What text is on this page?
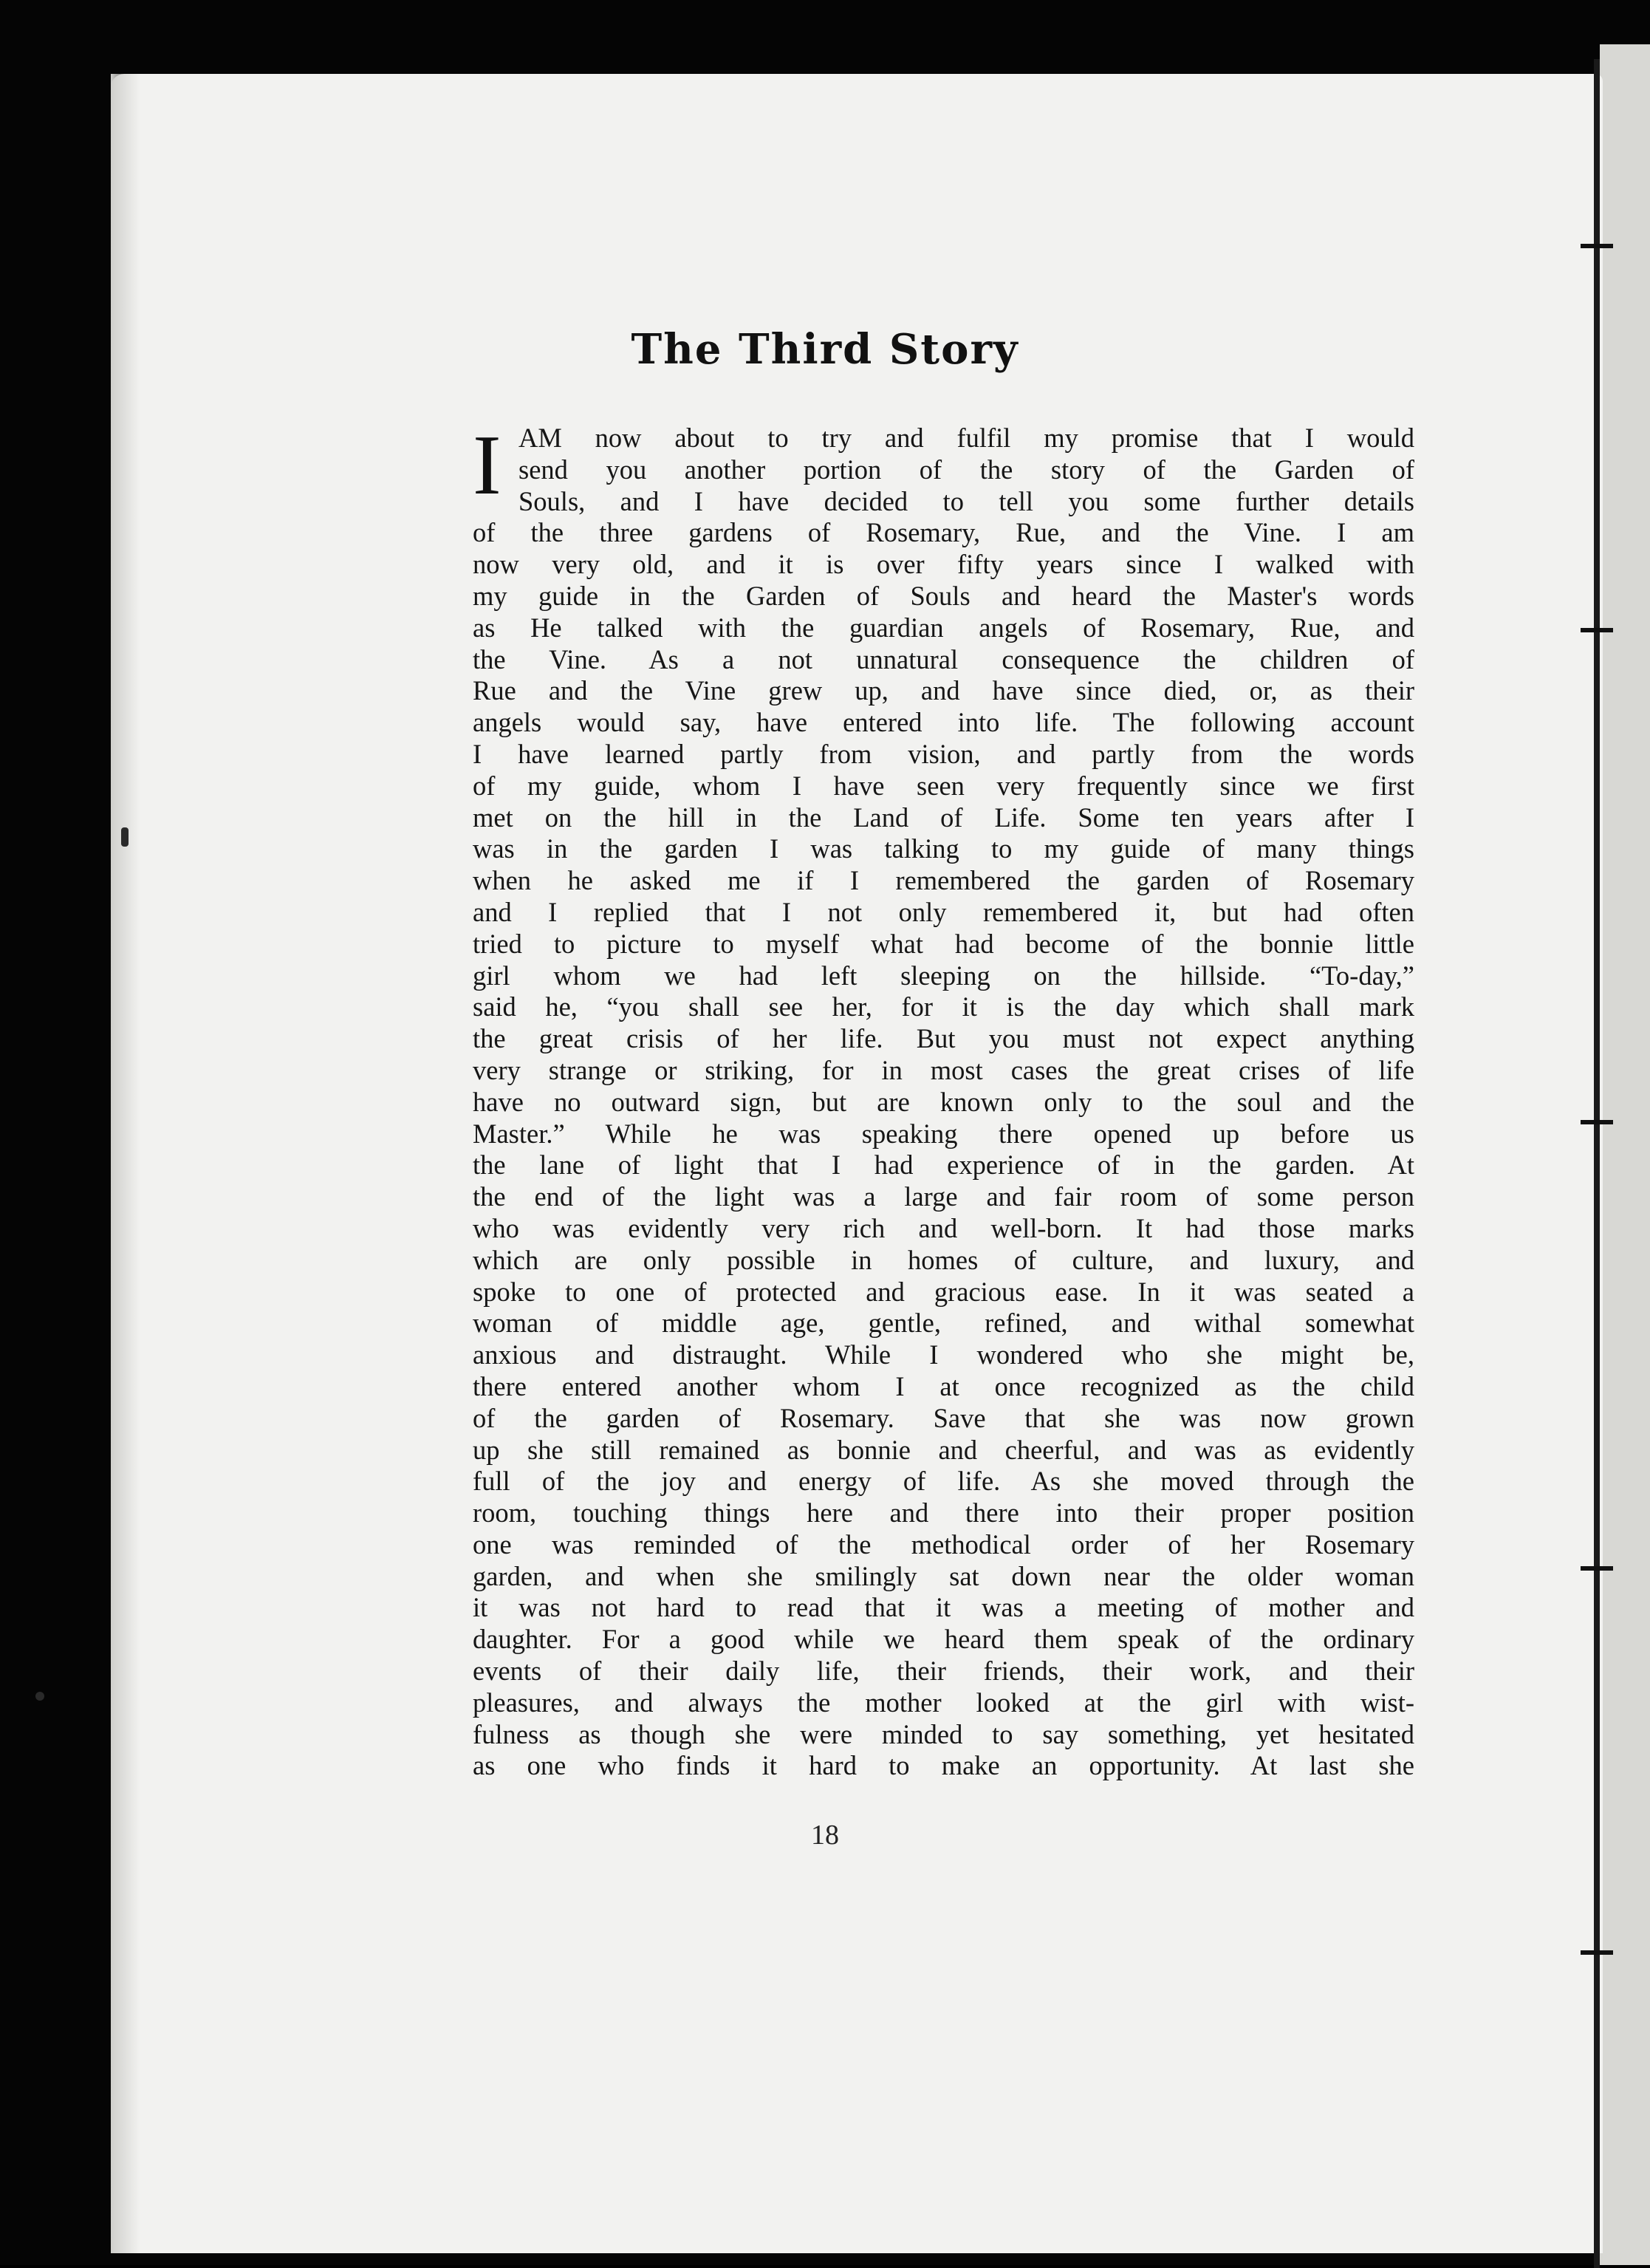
The Third Story
I AM now about to try and fulfil my promise that I would
send you another portion of the story of the Garden of
Souls, and I have decided to tell you some further details
of the three gardens of Rosemary, Rue, and the Vine. I am
now very old, and it is over fifty years since I walked with
my guide in the Garden of Souls and heard the Master's words
as He talked with the guardian angels of Rosemary, Rue, and
the Vine. As a not unnatural consequence the children of
Rue and the Vine grew up, and have since died, or, as their
angels would say, have entered into life. The following account
I have learned partly from vision, and partly from the words
of my guide, whom I have seen very frequently since we first
met on the hill in the Land of Life. Some ten years after I
was in the garden I was talking to my guide of many things
when he asked me if I remembered the garden of Rosemary
and I replied that I not only remembered it, but had often
tried to picture to myself what had become of the bonnie little
girl whom we had left sleeping on the hillside. “To-day,”
said he, “you shall see her, for it is the day which shall mark
the great crisis of her life. But you must not expect anything
very strange or striking, for in most cases the great crises of life
have no outward sign, but are known only to the soul and the
Master.” While he was speaking there opened up before us
the lane of light that I had experience of in the garden. At
the end of the light was a large and fair room of some person
who was evidently very rich and well-born. It had those marks
which are only possible in homes of culture, and luxury, and
spoke to one of protected and gracious ease. In it was seated a
woman of middle age, gentle, refined, and withal somewhat
anxious and distraught. While I wondered who she might be,
there entered another whom I at once recognized as the child
of the garden of Rosemary. Save that she was now grown
up she still remained as bonnie and cheerful, and was as evidently
full of the joy and energy of life. As she moved through the
room, touching things here and there into their proper position
one was reminded of the methodical order of her Rosemary
garden, and when she smilingly sat down near the older woman
it was not hard to read that it was a meeting of mother and
daughter. For a good while we heard them speak of the ordinary
events of their daily life, their friends, their work, and their
pleasures, and always the mother looked at the girl with wist-
fulness as though she were minded to say something, yet hesitated
as one who finds it hard to make an opportunity. At last she
18
